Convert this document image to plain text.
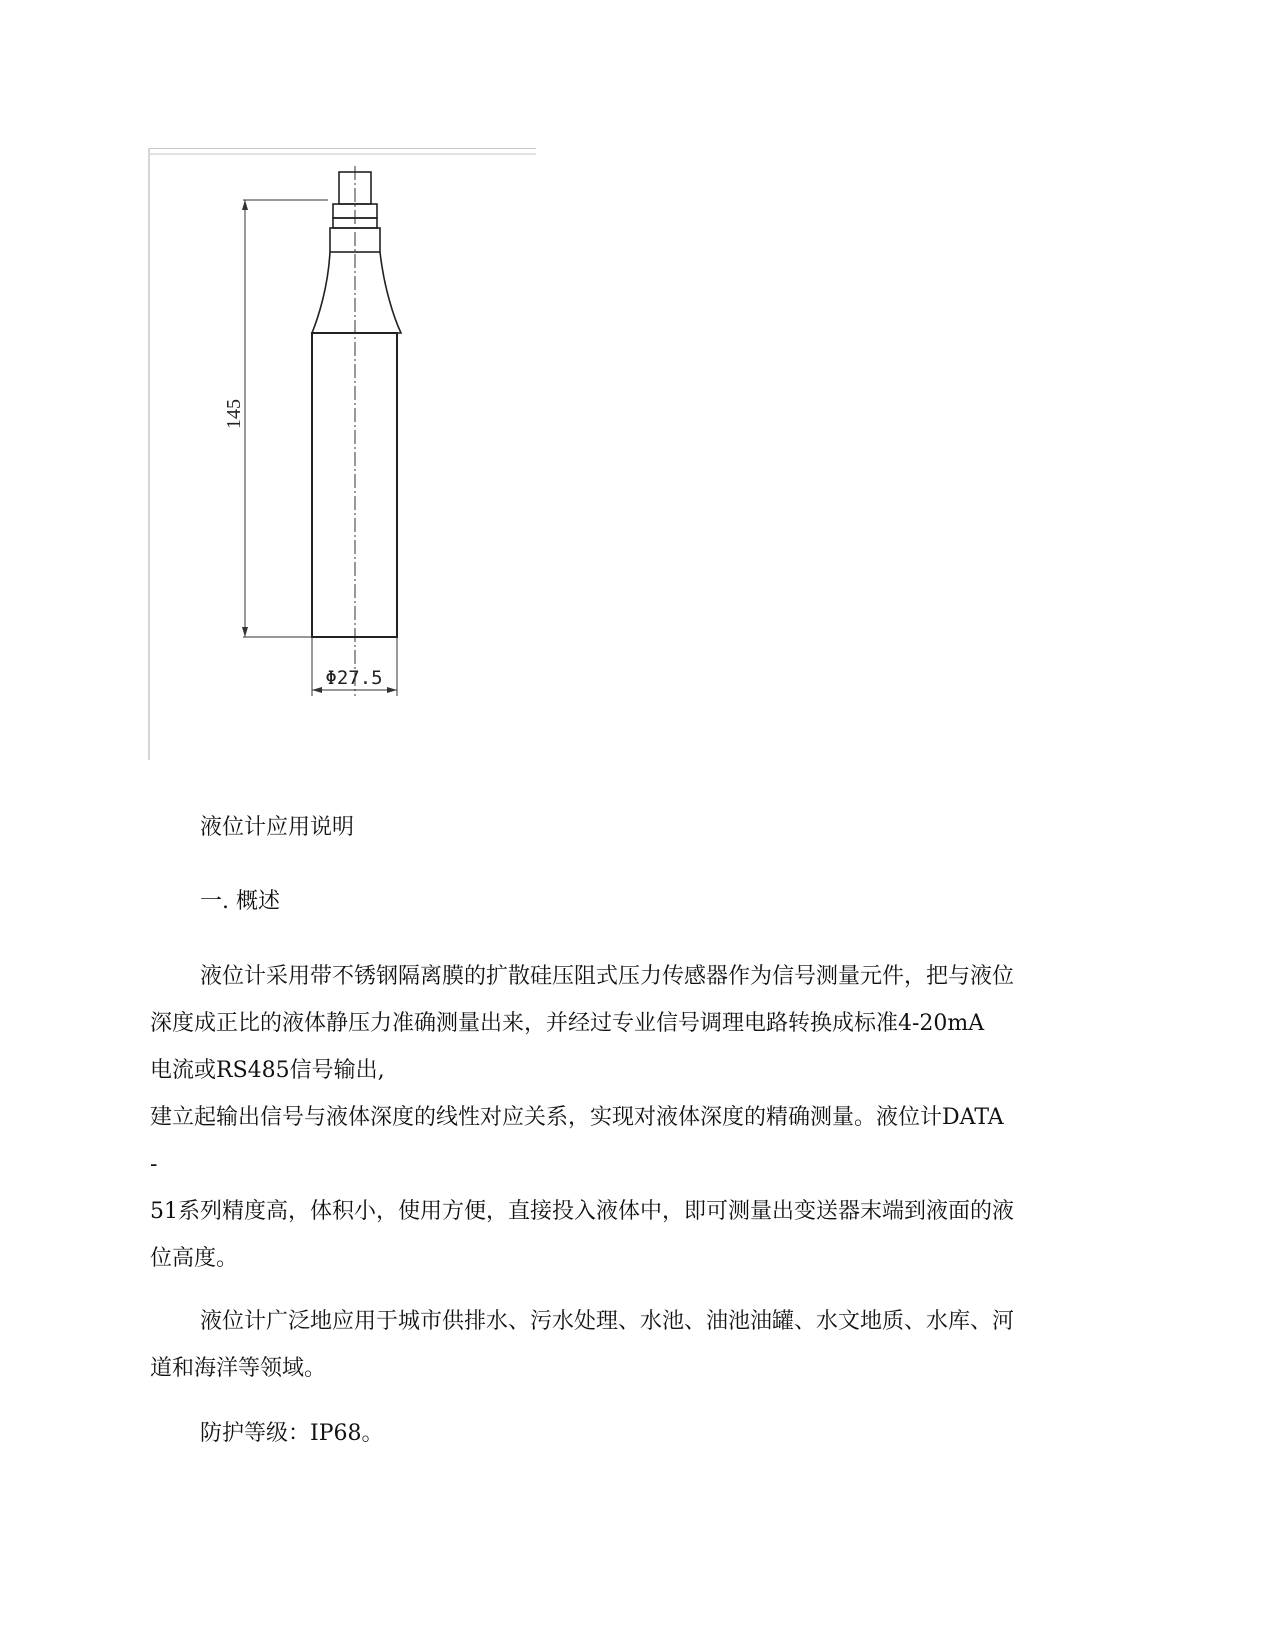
145
Φ27.5

液位计应用说明

一. 概述

液位计采用带不锈钢隔离膜的扩散硅压阻式压力传感器作为信号测量元件，把与液位

深度成正比的液体静压力准确测量出来，并经过专业信号调理电路转换成标准4-20mA

电流或RS485信号输出,

建立起输出信号与液体深度的线性对应关系，实现对液体深度的精确测量。液位计DATA

-

51系列精度高，体积小，使用方便，直接投入液体中，即可测量出变送器末端到液面的液

位高度。

液位计广泛地应用于城市供排水、污水处理、水池、油池油罐、水文地质、水库、河

道和海洋等领域。

防护等级：IP68。
